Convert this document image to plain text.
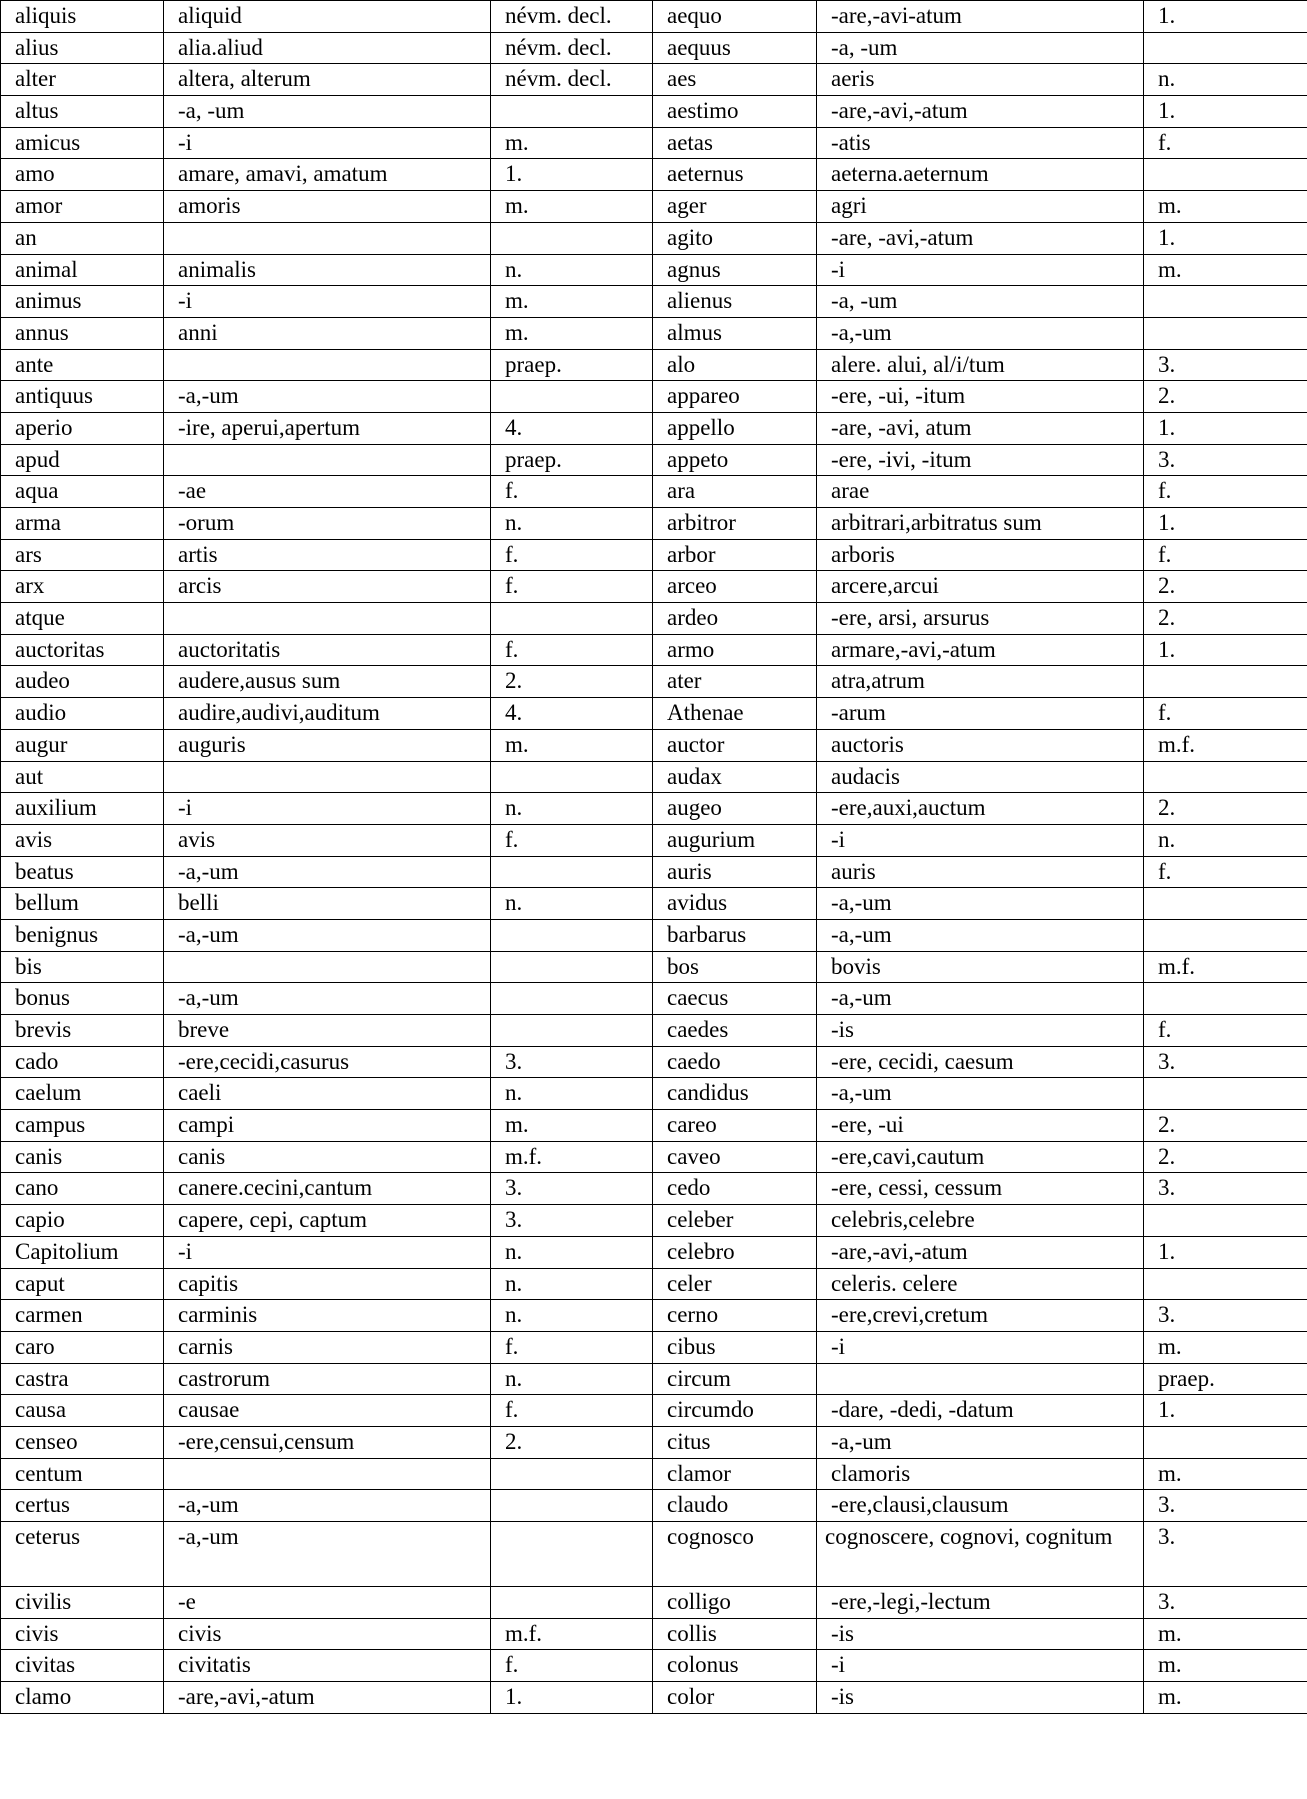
aliquis	aliquid	névm. decl.	aequo	-are,-avi-atum	1.
alius	alia.aliud	névm. decl.	aequus	-a, -um	
alter	altera, alterum	névm. decl.	aes	aeris	n.
altus	-a, -um		aestimo	-are,-avi,-atum	1.
amicus	-i	m.	aetas	-atis	f.
amo	amare, amavi, amatum	1.	aeternus	aeterna.aeternum	
amor	amoris	m.	ager	agri	m.
an			agito	-are, -avi,-atum	1.
animal	animalis	n.	agnus	-i	m.
animus	-i	m.	alienus	-a, -um	
annus	anni	m.	almus	-a,-um	
ante		praep.	alo	alere. alui, al/i/tum	3.
antiquus	-a,-um		appareo	-ere, -ui, -itum	2.
aperio	-ire, aperui,apertum	4.	appello	-are, -avi, atum	1.
apud		praep.	appeto	-ere, -ivi, -itum	3.
aqua	-ae	f.	ara	arae	f.
arma	-orum	n.	arbitror	arbitrari,arbitratus sum	1.
ars	artis	f.	arbor	arboris	f.
arx	arcis	f.	arceo	arcere,arcui	2.
atque			ardeo	-ere, arsi, arsurus	2.
auctoritas	auctoritatis	f.	armo	armare,-avi,-atum	1.
audeo	audere,ausus sum	2.	ater	atra,atrum	
audio	audire,audivi,auditum	4.	Athenae	-arum	f.
augur	auguris	m.	auctor	auctoris	m.f.
aut			audax	audacis	
auxilium	-i	n.	augeo	-ere,auxi,auctum	2.
avis	avis	f.	augurium	-i	n.
beatus	-a,-um		auris	auris	f.
bellum	belli	n.	avidus	-a,-um	
benignus	-a,-um		barbarus	-a,-um	
bis			bos	bovis	m.f.
bonus	-a,-um		caecus	-a,-um	
brevis	breve		caedes	-is	f.
cado	-ere,cecidi,casurus	3.	caedo	-ere, cecidi, caesum	3.
caelum	caeli	n.	candidus	-a,-um	
campus	campi	m.	careo	-ere, -ui	2.
canis	canis	m.f.	caveo	-ere,cavi,cautum	2.
cano	canere.cecini,cantum	3.	cedo	-ere, cessi, cessum	3.
capio	capere, cepi, captum	3.	celeber	celebris,celebre	
Capitolium	-i	n.	celebro	-are,-avi,-atum	1.
caput	capitis	n.	celer	celeris. celere	
carmen	carminis	n.	cerno	-ere,crevi,cretum	3.
caro	carnis	f.	cibus	-i	m.
castra	castrorum	n.	circum		praep.
causa	causae	f.	circumdo	-dare, -dedi, -datum	1.
censeo	-ere,censui,censum	2.	citus	-a,-um	
centum			clamor	clamoris	m.
certus	-a,-um		claudo	-ere,clausi,clausum	3.
ceterus	-a,-um		cognosco	cognoscere, cognovi, cognitum	3.
civilis	-e		colligo	-ere,-legi,-lectum	3.
civis	civis	m.f.	collis	-is	m.
civitas	civitatis	f.	colonus	-i	m.
clamo	-are,-avi,-atum	1.	color	-is	m.
